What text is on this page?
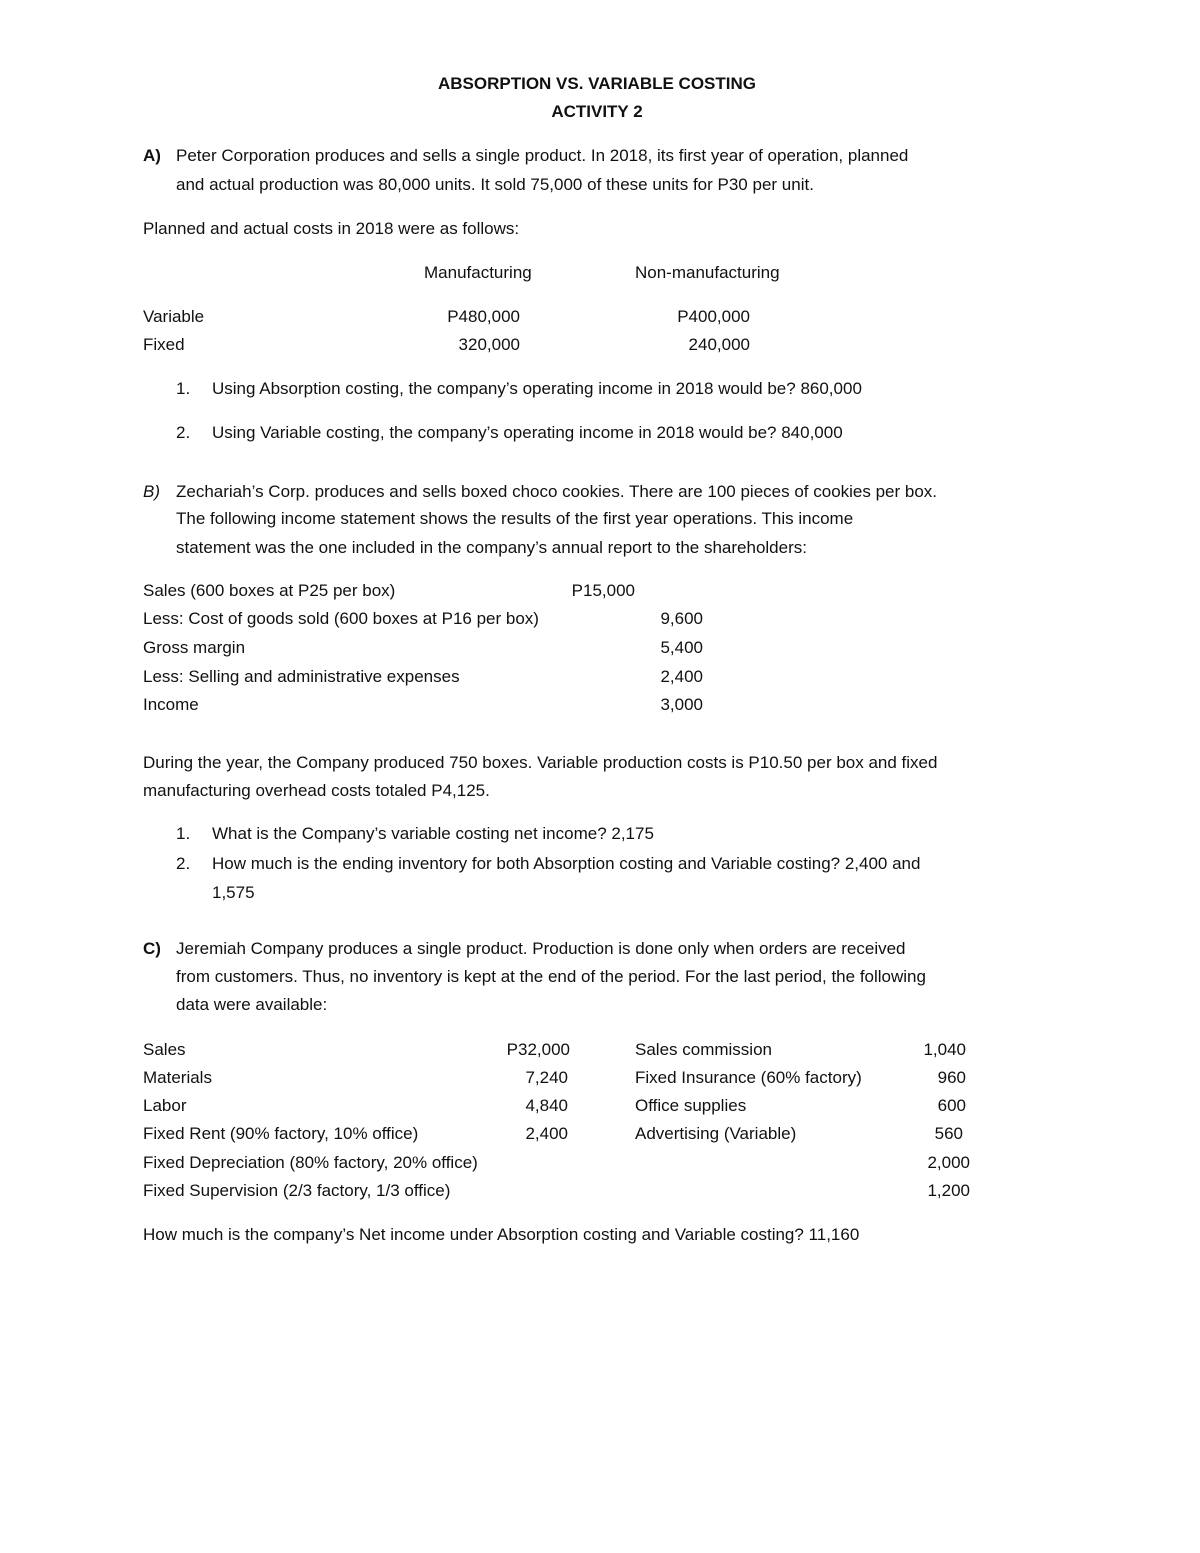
ABSORPTION VS. VARIABLE COSTING
ACTIVITY 2
A) Peter Corporation produces and sells a single product. In 2018, its first year of operation, planned
and actual production was 80,000 units. It sold 75,000 of these units for P30 per unit.
Planned and actual costs in 2018 were as follows:
Manufacturing	Non-manufacturing
Variable	P480,000	P400,000
Fixed	320,000	240,000
1. Using Absorption costing, the company’s operating income in 2018 would be? 860,000
2. Using Variable costing, the company’s operating income in 2018 would be? 840,000
B) Zechariah’s Corp. produces and sells boxed choco cookies. There are 100 pieces of cookies per box.
The following income statement shows the results of the first year operations. This income
statement was the one included in the company’s annual report to the shareholders:
Sales (600 boxes at P25 per box)	P15,000
Less: Cost of goods sold (600 boxes at P16 per box)	9,600
Gross margin	5,400
Less: Selling and administrative expenses	2,400
Income	3,000
During the year, the Company produced 750 boxes. Variable production costs is P10.50 per box and fixed
manufacturing overhead costs totaled P4,125.
1. What is the Company’s variable costing net income? 2,175
2. How much is the ending inventory for both Absorption costing and Variable costing? 2,400 and
1,575
C) Jeremiah Company produces a single product. Production is done only when orders are received
from customers. Thus, no inventory is kept at the end of the period. For the last period, the following
data were available:
Sales	P32,000	Sales commission	1,040
Materials	7,240	Fixed Insurance (60% factory)	960
Labor	4,840	Office supplies	600
Fixed Rent (90% factory, 10% office)	2,400	Advertising (Variable)	560
Fixed Depreciation (80% factory, 20% office)	2,000
Fixed Supervision (2/3 factory, 1/3 office)	1,200
How much is the company’s Net income under Absorption costing and Variable costing? 11,160
